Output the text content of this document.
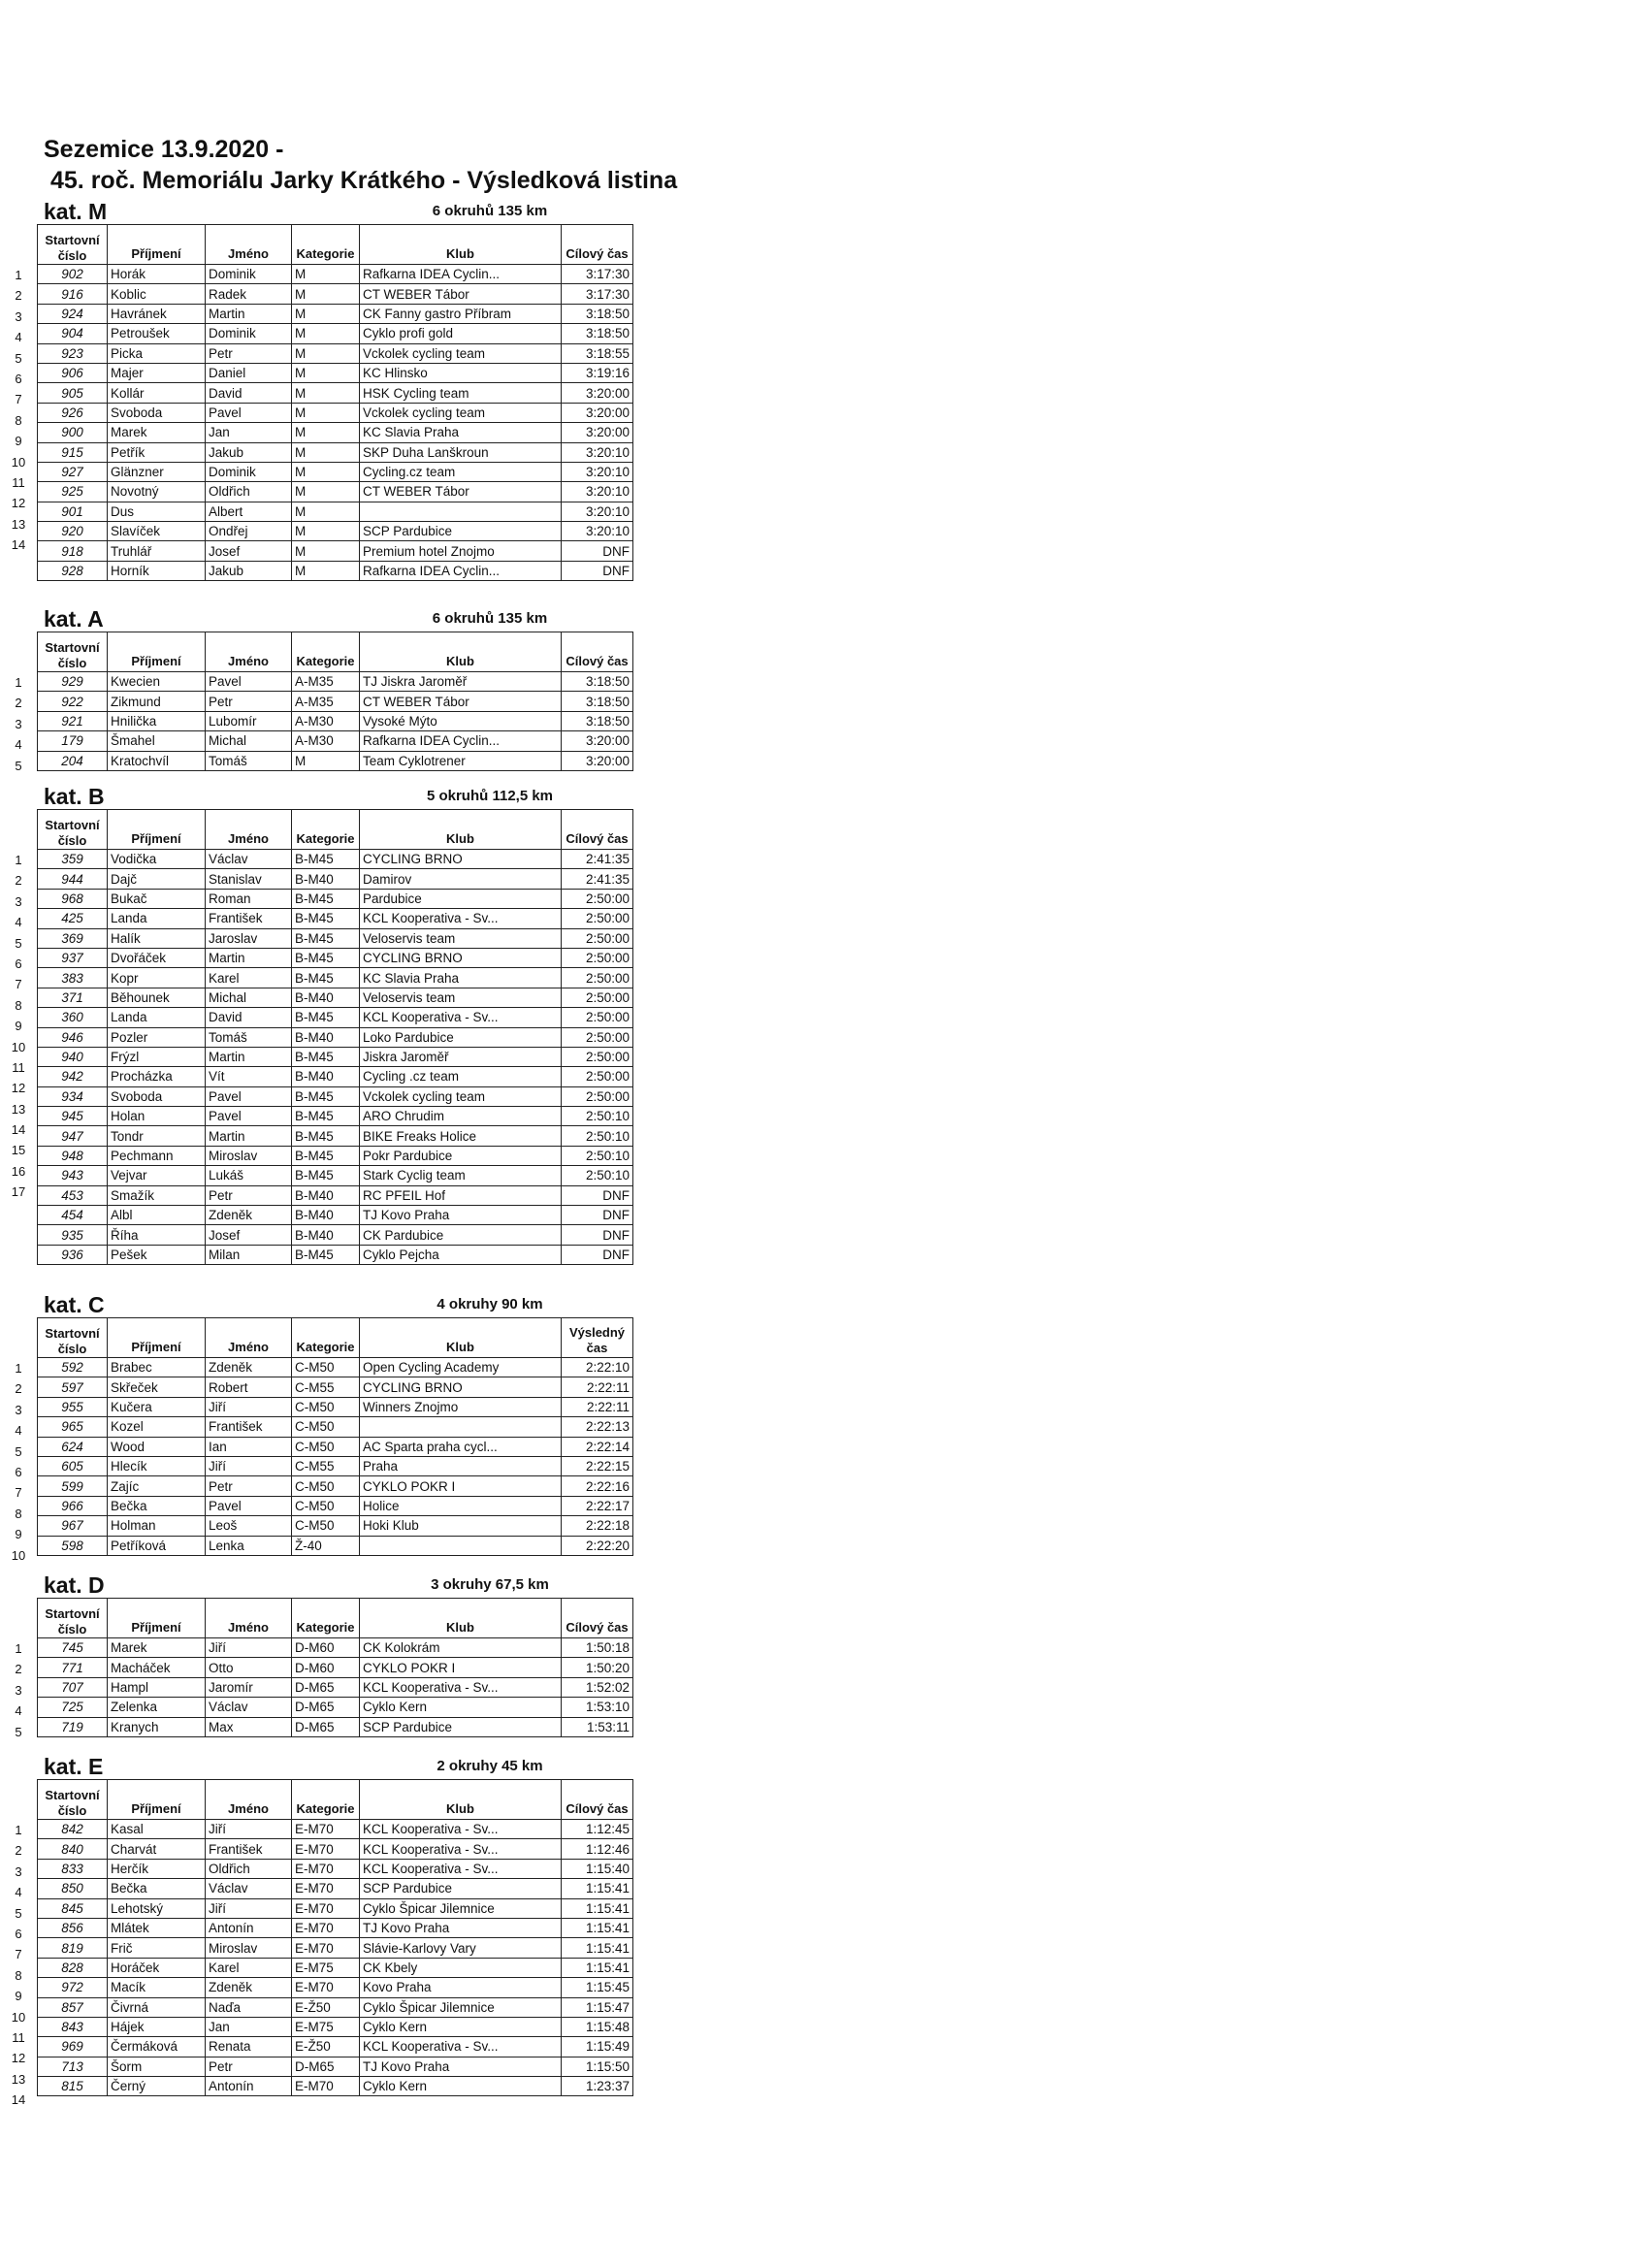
Sezemice 13.9.2020 -
45. roč. Memoriálu Jarky Krátkého - Výsledková listina
kat. M	6 okruhů 135 km
1
2
3
4
5
6
7
8
9
10
11
12
13
14
Startovní
číslo	Příjmení	Jméno	Kategorie	Klub	Cílový čas
902	Horák	Dominik	M	Rafkarna IDEA Cyclin...	3:17:30
916	Koblic	Radek	M	CT WEBER Tábor	3:17:30
924	Havránek	Martin	M	CK Fanny gastro Příbram	3:18:50
904	Petroušek	Dominik	M	Cyklo profi gold	3:18:50
923	Picka	Petr	M	Vckolek cycling team	3:18:55
906	Majer	Daniel	M	KC Hlinsko	3:19:16
905	Kollár	David	M	HSK Cycling team	3:20:00
926	Svoboda	Pavel	M	Vckolek cycling team	3:20:00
900	Marek	Jan	M	KC Slavia Praha	3:20:00
915	Petřík	Jakub	M	SKP Duha Lanškroun	3:20:10
927	Glänzner	Dominik	M	Cycling.cz team	3:20:10
925	Novotný	Oldřich	M	CT WEBER Tábor	3:20:10
901	Dus	Albert	M		3:20:10
920	Slavíček	Ondřej	M	SCP Pardubice	3:20:10
918	Truhlář	Josef	M	Premium hotel Znojmo	DNF
928	Horník	Jakub	M	Rafkarna IDEA Cyclin...	DNF
kat. A	6 okruhů 135 km
1
2
3
4
5
Startovní
číslo	Příjmení	Jméno	Kategorie	Klub	Cílový čas
929	Kwecien	Pavel	A-M35	TJ Jiskra Jaroměř	3:18:50
922	Zikmund	Petr	A-M35	CT WEBER Tábor	3:18:50
921	Hnilička	Lubomír	A-M30	Vysoké Mýto	3:18:50
179	Šmahel	Michal	A-M30	Rafkarna IDEA Cyclin...	3:20:00
204	Kratochvíl	Tomáš	M	Team Cyklotrener	3:20:00
kat. B	5 okruhů 112,5 km
1
2
3
4
5
6
7
8
9
10
11
12
13
14
15
16
17
Startovní
číslo	Příjmení	Jméno	Kategorie	Klub	Cílový čas
359	Vodička	Václav	B-M45	CYCLING BRNO	2:41:35
944	Dajč	Stanislav	B-M40	Damirov	2:41:35
968	Bukač	Roman	B-M45	Pardubice	2:50:00
425	Landa	František	B-M45	KCL Kooperativa - Sv...	2:50:00
369	Halík	Jaroslav	B-M45	Veloservis team	2:50:00
937	Dvořáček	Martin	B-M45	CYCLING BRNO	2:50:00
383	Kopr	Karel	B-M45	KC Slavia Praha	2:50:00
371	Běhounek	Michal	B-M40	Veloservis team	2:50:00
360	Landa	David	B-M45	KCL Kooperativa - Sv...	2:50:00
946	Pozler	Tomáš	B-M40	Loko Pardubice	2:50:00
940	Frýzl	Martin	B-M45	Jiskra Jaroměř	2:50:00
942	Procházka	Vít	B-M40	Cycling .cz team	2:50:00
934	Svoboda	Pavel	B-M45	Vckolek cycling team	2:50:00
945	Holan	Pavel	B-M45	ARO Chrudim	2:50:10
947	Tondr	Martin	B-M45	BIKE Freaks Holice	2:50:10
948	Pechmann	Miroslav	B-M45	Pokr Pardubice	2:50:10
943	Vejvar	Lukáš	B-M45	Stark Cyclig team	2:50:10
453	Smažík	Petr	B-M40	RC PFEIL Hof	DNF
454	Albl	Zdeněk	B-M40	TJ Kovo Praha	DNF
935	Říha	Josef	B-M40	CK Pardubice	DNF
936	Pešek	Milan	B-M45	Cyklo Pejcha	DNF
kat. C	4 okruhy 90 km
1
2
3
4
5
6
7
8
9
10
Startovní
číslo	Příjmení	Jméno	Kategorie	Klub	Výsledný
čas
592	Brabec	Zdeněk	C-M50	Open Cycling Academy	2:22:10
597	Skřeček	Robert	C-M55	CYCLING BRNO	2:22:11
955	Kučera	Jiří	C-M50	Winners Znojmo	2:22:11
965	Kozel	František	C-M50		2:22:13
624	Wood	Ian	C-M50	AC Sparta praha cycl...	2:22:14
605	Hlecík	Jiří	C-M55	Praha	2:22:15
599	Zajíc	Petr	C-M50	CYKLO POKR I	2:22:16
966	Bečka	Pavel	C-M50	Holice	2:22:17
967	Holman	Leoš	C-M50	Hoki Klub	2:22:18
598	Petříková	Lenka	Ž-40		2:22:20
kat. D	3 okruhy 67,5 km
1
2
3
4
5
Startovní
číslo	Příjmení	Jméno	Kategorie	Klub	Cílový čas
745	Marek	Jiří	D-M60	CK Kolokrám	1:50:18
771	Macháček	Otto	D-M60	CYKLO POKR I	1:50:20
707	Hampl	Jaromír	D-M65	KCL Kooperativa - Sv...	1:52:02
725	Zelenka	Václav	D-M65	Cyklo Kern	1:53:10
719	Kranych	Max	D-M65	SCP Pardubice	1:53:11
kat. E	2 okruhy 45 km
1
2
3
4
5
6
7
8
9
10
11
12
13
14
Startovní
číslo	Příjmení	Jméno	Kategorie	Klub	Cílový čas
842	Kasal	Jiří	E-M70	KCL Kooperativa - Sv...	1:12:45
840	Charvát	František	E-M70	KCL Kooperativa - Sv...	1:12:46
833	Herčík	Oldřich	E-M70	KCL Kooperativa - Sv...	1:15:40
850	Bečka	Václav	E-M70	SCP Pardubice	1:15:41
845	Lehotský	Jiří	E-M70	Cyklo Špicar Jilemnice	1:15:41
856	Mlátek	Antonín	E-M70	TJ Kovo Praha	1:15:41
819	Frič	Miroslav	E-M70	Slávie-Karlovy Vary	1:15:41
828	Horáček	Karel	E-M75	CK Kbely	1:15:41
972	Macík	Zdeněk	E-M70	Kovo Praha	1:15:45
857	Čivrná	Naďa	E-Ž50	Cyklo Špicar Jilemnice	1:15:47
843	Hájek	Jan	E-M75	Cyklo Kern	1:15:48
969	Čermáková	Renata	E-Ž50	KCL Kooperativa - Sv...	1:15:49
713	Šorm	Petr	D-M65	TJ Kovo Praha	1:15:50
815	Černý	Antonín	E-M70	Cyklo Kern	1:23:37
